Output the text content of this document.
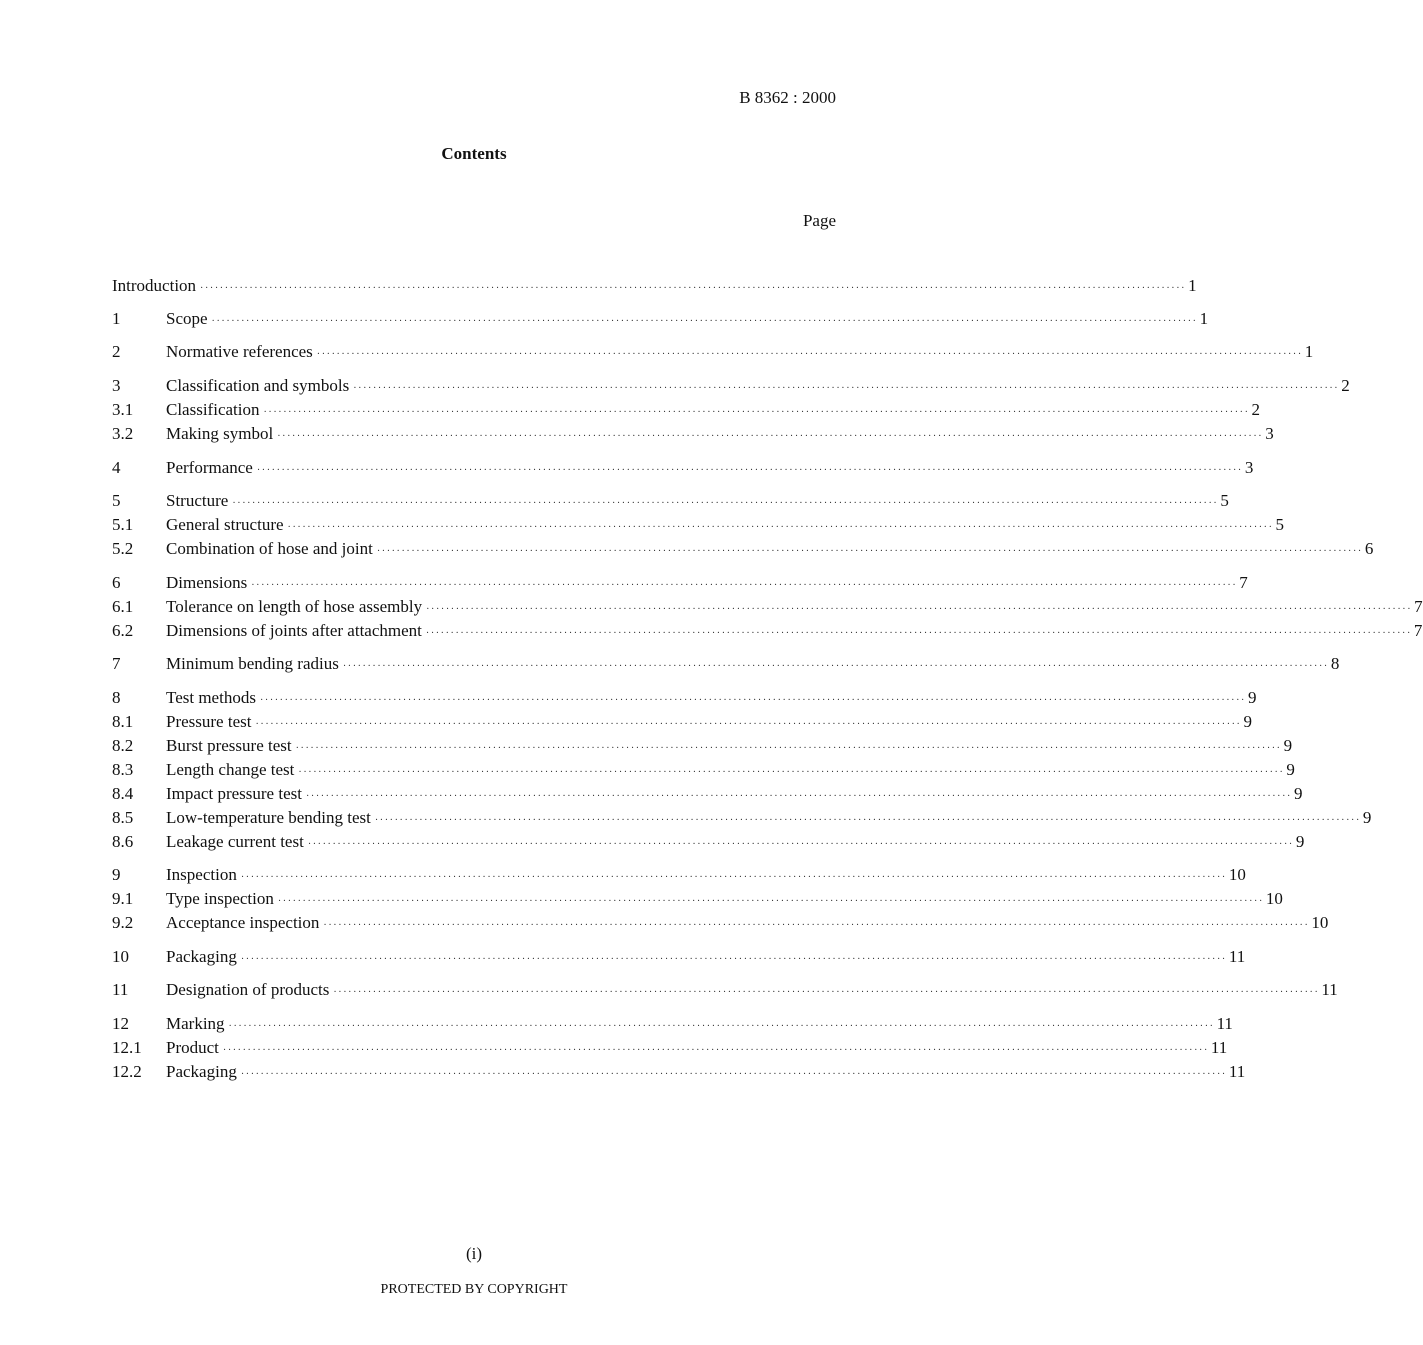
B 8362 : 2000
Contents
Page
Introduction ········································································································································································································ 1
1	Scope ········································································································································································································ 1
2	Normative references ········································································································································································································ 1
3	Classification and symbols ········································································································································································································ 2
3.1	Classification ········································································································································································································ 2
3.2	Making symbol ········································································································································································································ 3
4	Performance ········································································································································································································ 3
5	Structure ········································································································································································································ 5
5.1	General structure ········································································································································································································ 5
5.2	Combination of hose and joint ········································································································································································································ 6
6	Dimensions ········································································································································································································ 7
6.1	Tolerance on length of hose assembly ········································································································································································································ 7
6.2	Dimensions of joints after attachment ········································································································································································································ 7
7	Minimum bending radius ········································································································································································································ 8
8	Test methods ········································································································································································································ 9
8.1	Pressure test ········································································································································································································ 9
8.2	Burst pressure test ········································································································································································································ 9
8.3	Length change test ········································································································································································································ 9
8.4	Impact pressure test ········································································································································································································ 9
8.5	Low-temperature bending test ········································································································································································································ 9
8.6	Leakage current test ········································································································································································································ 9
9	Inspection ········································································································································································································ 10
9.1	Type inspection ········································································································································································································ 10
9.2	Acceptance inspection ········································································································································································································ 10
10	Packaging ········································································································································································································ 11
11	Designation of products ········································································································································································································ 11
12	Marking ········································································································································································································ 11
12.1	Product ········································································································································································································ 11
12.2	Packaging ········································································································································································································ 11
(i)
PROTECTED BY COPYRIGHT
